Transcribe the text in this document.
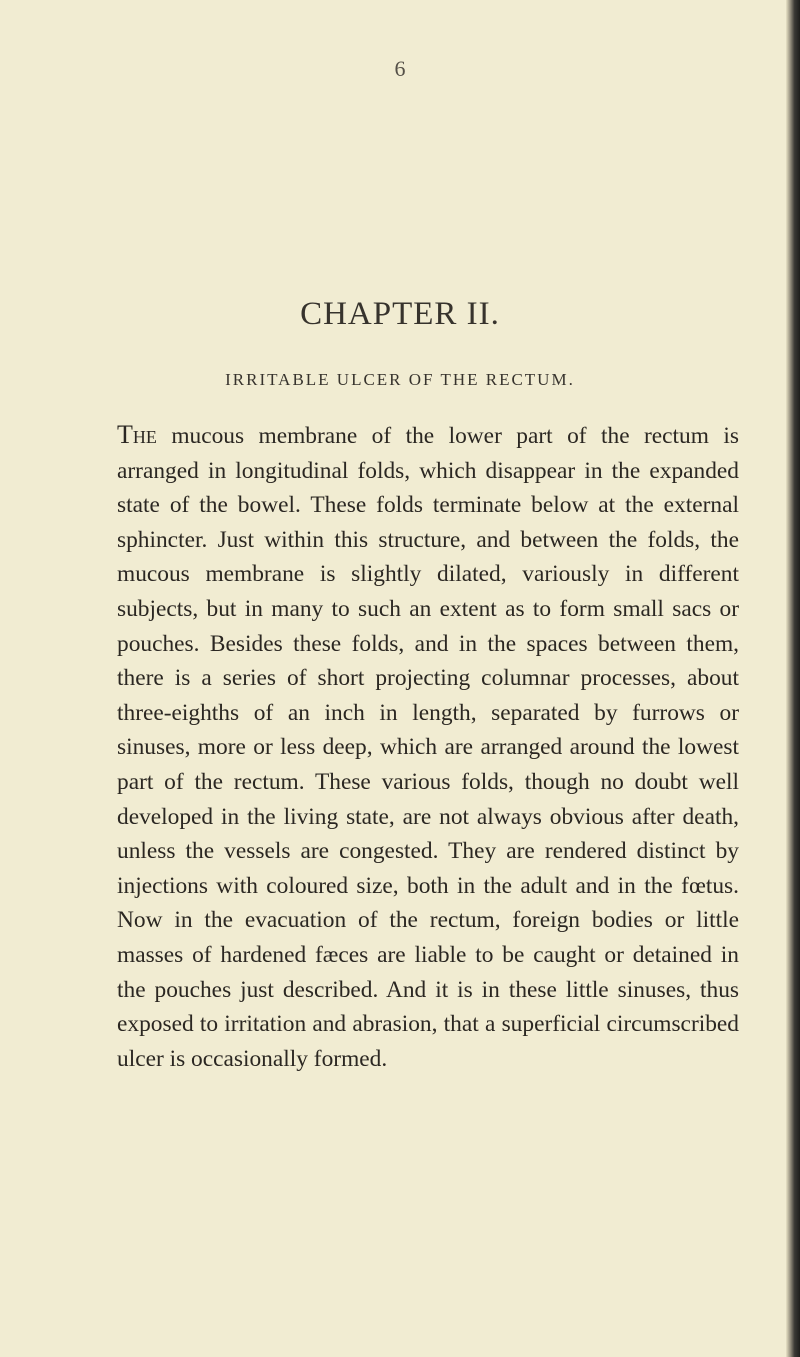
6
CHAPTER II.
IRRITABLE ULCER OF THE RECTUM.

The mucous membrane of the lower part of the rectum is arranged in longitudinal folds, which disappear in the expanded state of the bowel. These folds terminate below at the external sphincter. Just within this structure, and between the folds, the mucous membrane is slightly dilated, variously in different subjects, but in many to such an extent as to form small sacs or pouches. Besides these folds, and in the spaces between them, there is a series of short projecting columnar processes, about three-eighths of an inch in length, separated by furrows or sinuses, more or less deep, which are arranged around the lowest part of the rectum. These various folds, though no doubt well developed in the living state, are not always obvious after death, unless the vessels are congested. They are rendered distinct by injections with coloured size, both in the adult and in the fœtus. Now in the evacuation of the rectum, foreign bodies or little masses of hardened fæces are liable to be caught or detained in the pouches just described. And it is in these little sinuses, thus exposed to irritation and abrasion, that a superficial circumscribed ulcer is occasionally formed.
